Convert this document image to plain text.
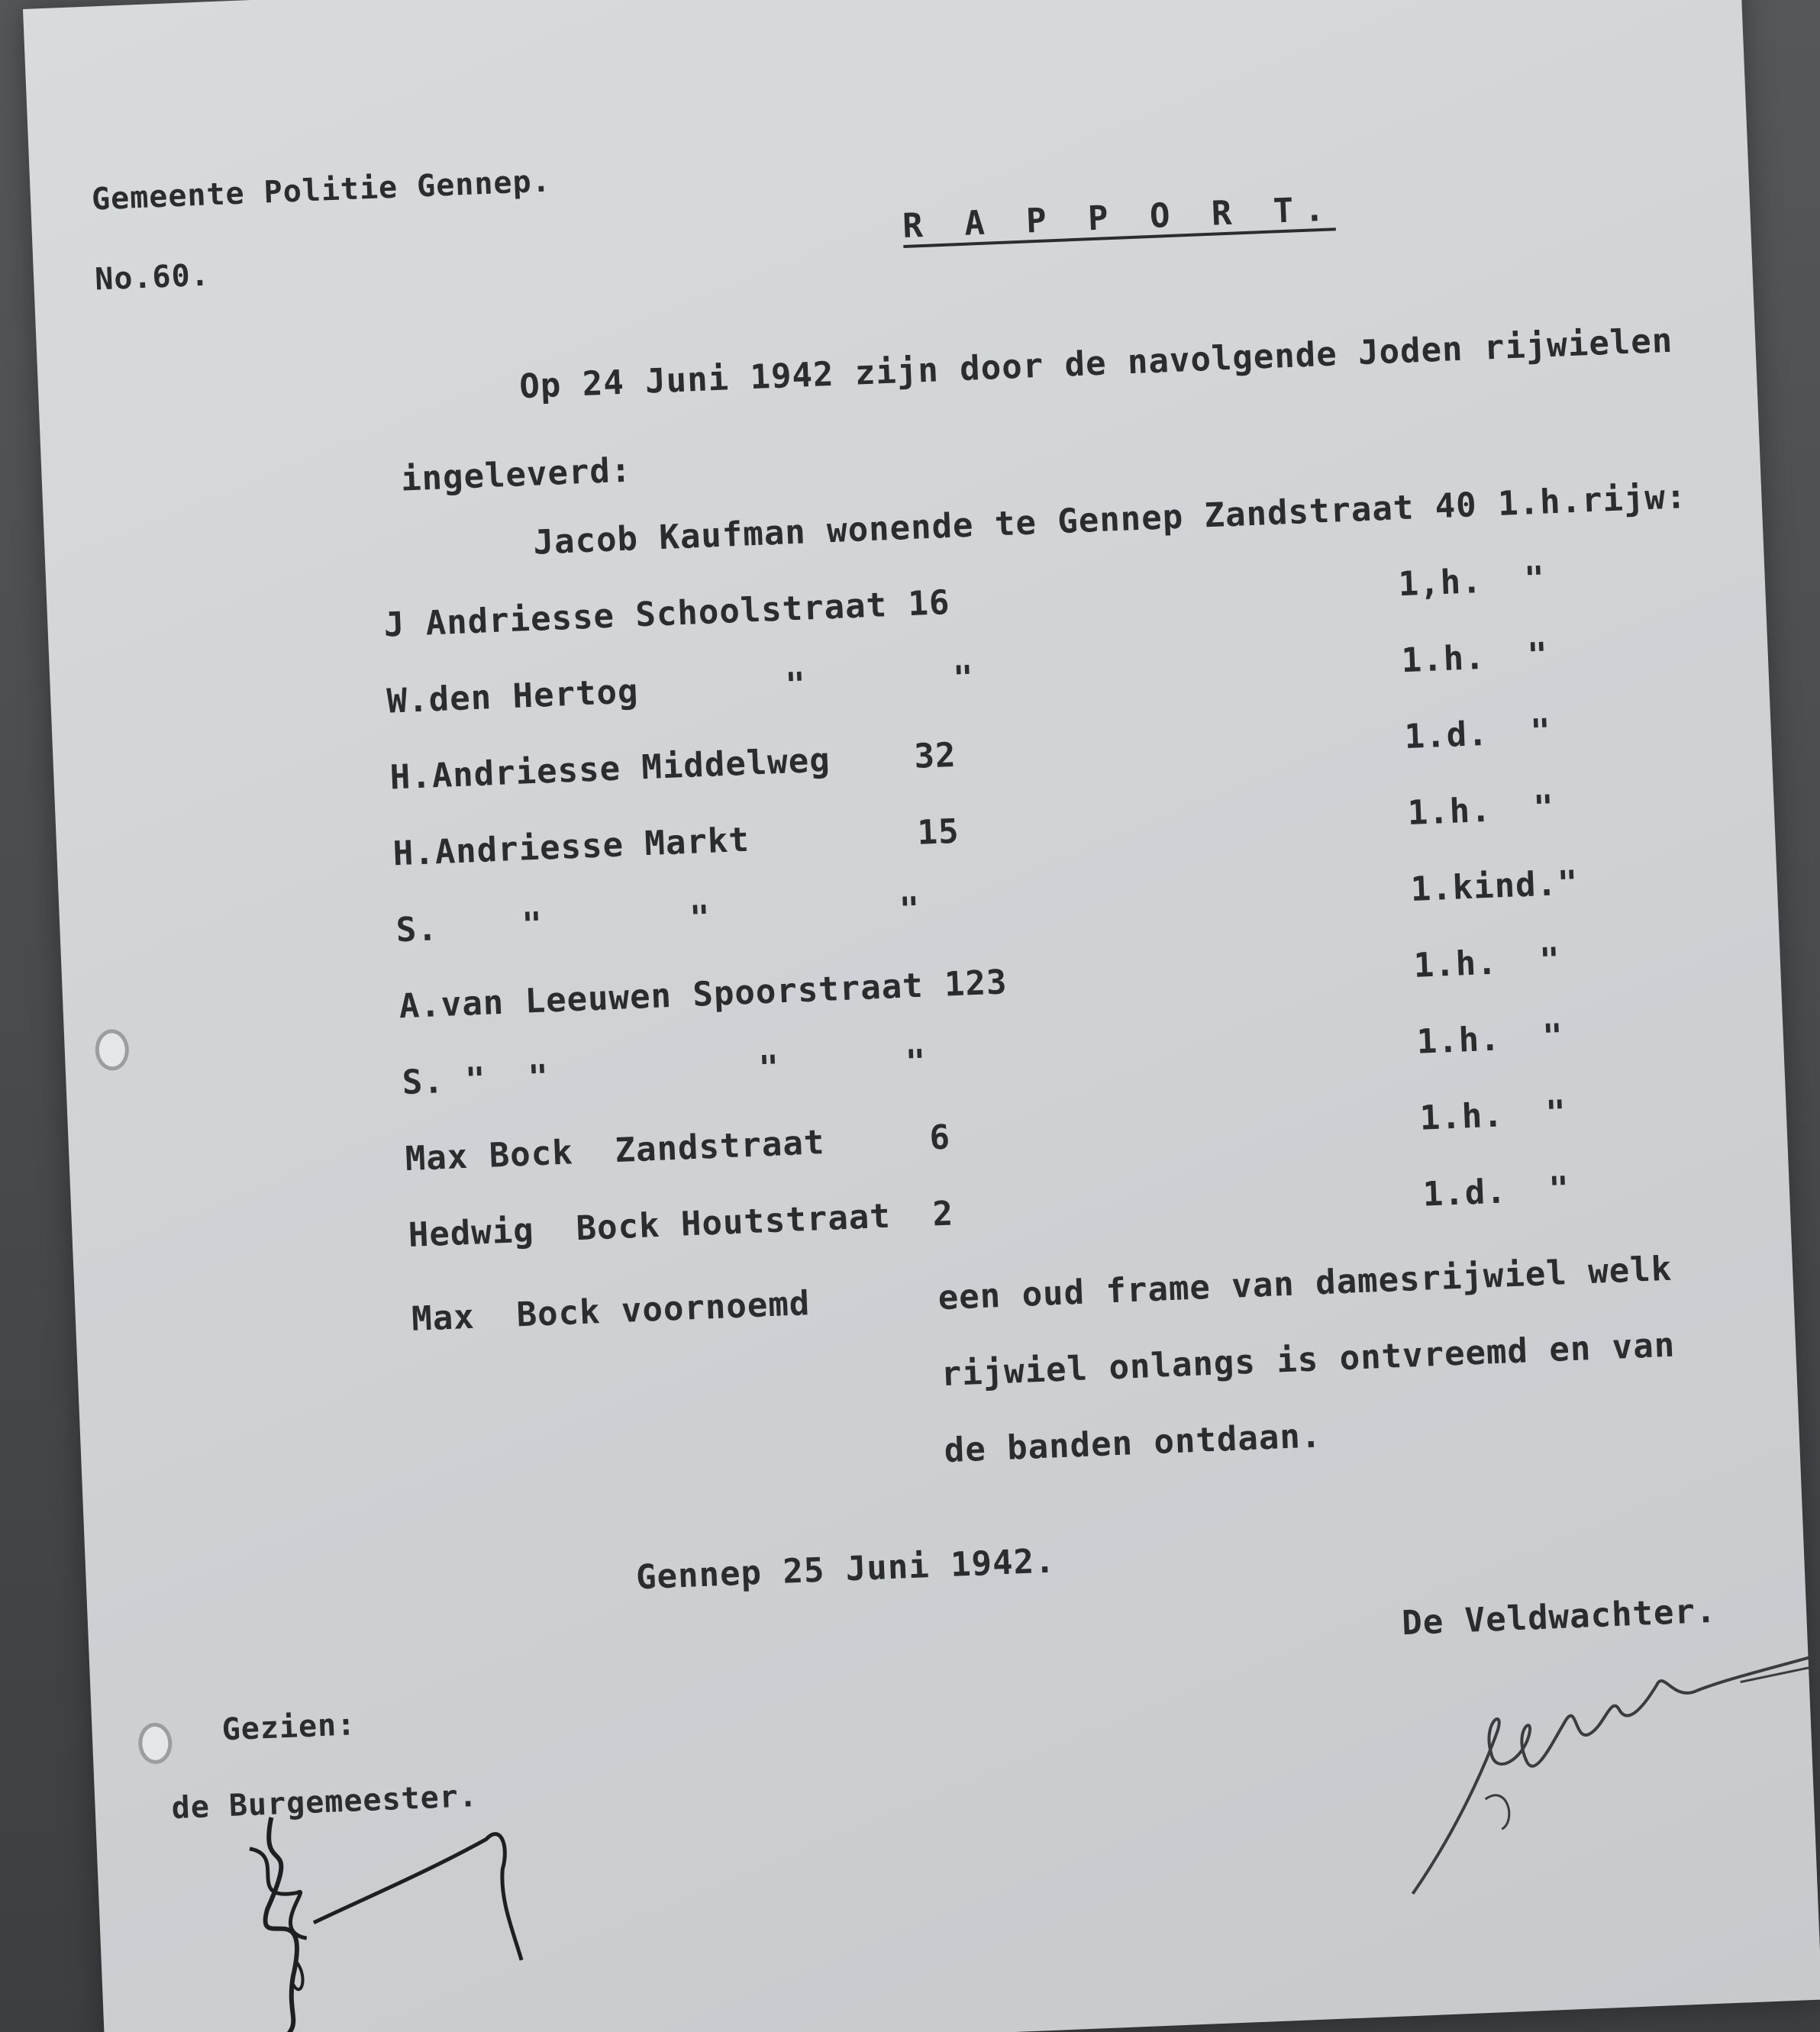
Gemeente Politie Gennep.
No.60.
R A P P O R T.
Op 24 Juni 1942 zijn door de navolgende Joden rijwielen
ingeleverd:
Jacob Kaufman wonende te Gennep Zandstraat 40 1.h.rijw:
J Andriesse Schoolstraat 16
1,h.  "
W.den Hertog       "       "
1.h.  "
H.Andriesse Middelweg    32
1.d.  "
H.Andriesse Markt        15
1.h.  "
S.    "       "         "
1.kind."
A.van Leeuwen Spoorstraat 123	1.h.  "
S. "  "          "      "
1.h.  "
Max Bock  Zandstraat     6
1.h.  "
Hedwig  Bock Houtstraat  2
1.d.  "
Max  Bock voornoemd	een oud frame van damesrijwiel welk
rijwiel onlangs is ontvreemd en van
de banden ontdaan.
Gennep 25 Juni 1942.
De Veldwachter.
Gezien:
de Burgemeester.
